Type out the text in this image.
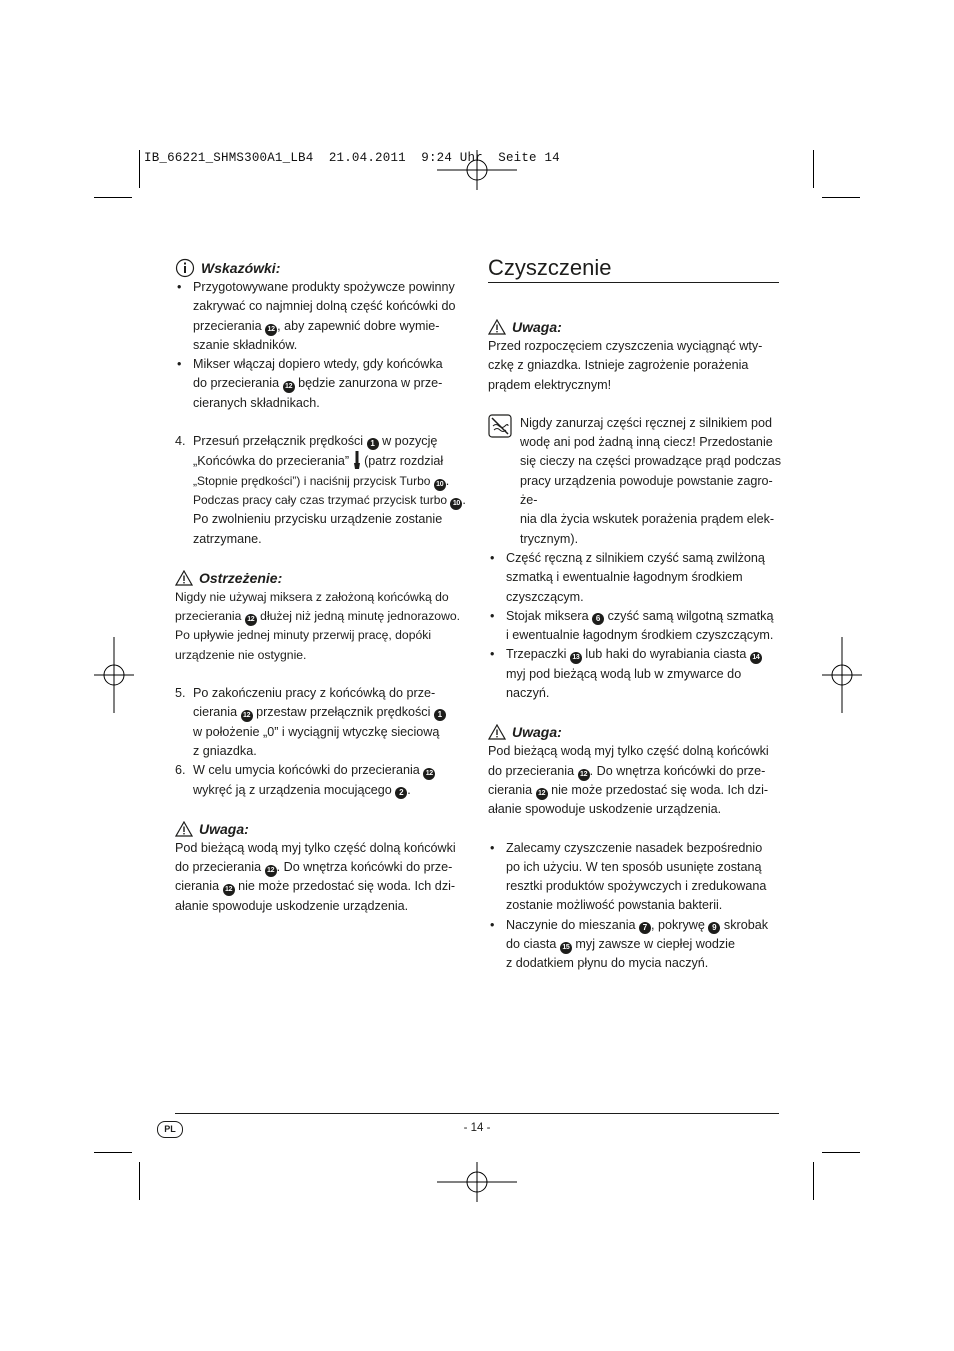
IB_66221_SHMS300A1_LB4  21.04.2011  9:24 Uhr  Seite 14
Wskazówki:
• Przygotowywane produkty spożywcze powinny
zakrywać co najmniej dolną część końcówki do
przecierania 12 , aby zapewnić dobre wymie-
szanie składników.
• Mikser włączaj dopiero wtedy, gdy końcówka
do przecierania 12 będzie zanurzona w prze-
cieranych składnikach.
4. Przesuń przełącznik prędkości 1 w pozycję
„Końcówka do przecierania”  (patrz rozdział
„Stopnie prędkości”) i naciśnij przycisk Turbo 10 .
Podczas pracy cały czas trzymać przycisk turbo 10 .
Po zwolnieniu przycisku urządzenie zostanie
zatrzymane.
Ostrzeżenie:

Nigdy nie używaj miksera z założoną końcówką do
przecierania 12 dłużej niż jedną minutę jednorazowo.
Po upływie jednej minuty przerwij pracę, dopóki
urządzenie nie ostygnie.

5. Po zakończeniu pracy z końcówką do prze-
cierania 12 przestaw przełącznik prędkości 1
w położenie „0” i wyciągnij wtyczkę sieciową
z gniazdka.
6. W celu umycia końcówki do przecierania 12
wykręć ją z urządzenia mocującego 2 .
Uwaga:

Pod bieżącą wodą myj tylko część dolną końcówki
do przecierania 12 . Do wnętrza końcówki do prze-
cierania 12 nie może przedostać się woda. Ich dzi-
ałanie spowoduje uskodzenie urządzenia.

Czyszczenie
Uwaga:

Przed rozpoczęciem czyszczenia wyciągnąć wty-
czkę z gniazdka. Istnieje zagrożenie porażenia
prądem elektrycznym!

Nigdy zanurzaj części ręcznej z silnikiem pod
wodę ani pod żadną inną ciecz! Przedostanie
się cieczy na części prowadzące prąd podczas
pracy urządzenia powoduje powstanie zagro-że-
nia dla życia wskutek porażenia prądem elek-
trycznym).

• Część ręczną z silnikiem czyść samą zwilżoną
szmatką i ewentualnie łagodnym środkiem
czyszczącym.
• Stojak miksera 6 czyść samą wilgotną szmatką
i ewentualnie łagodnym środkiem czyszczącym.
• Trzepaczki 13 lub haki do wyrabiania ciasta 14
myj pod bieżącą wodą lub w zmywarce do
naczyń.
Uwaga:

Pod bieżącą wodą myj tylko część dolną końcówki
do przecierania 12 . Do wnętrza końcówki do prze-
cierania 12 nie może przedostać się woda. Ich dzi-
ałanie spowoduje uskodzenie urządzenia.

• Zalecamy czyszczenie nasadek bezpośrednio
po ich użyciu. W ten sposób usunięte zostaną
resztki produktów spożywczych i zredukowana
zostanie możliwość powstania bakterii.
• Naczynie do mieszania 7 , pokrywę 9 skrobak
do ciasta 15 myj zawsze w ciepłej wodzie
z dodatkiem płynu do mycia naczyń.
PL	- 14 -
